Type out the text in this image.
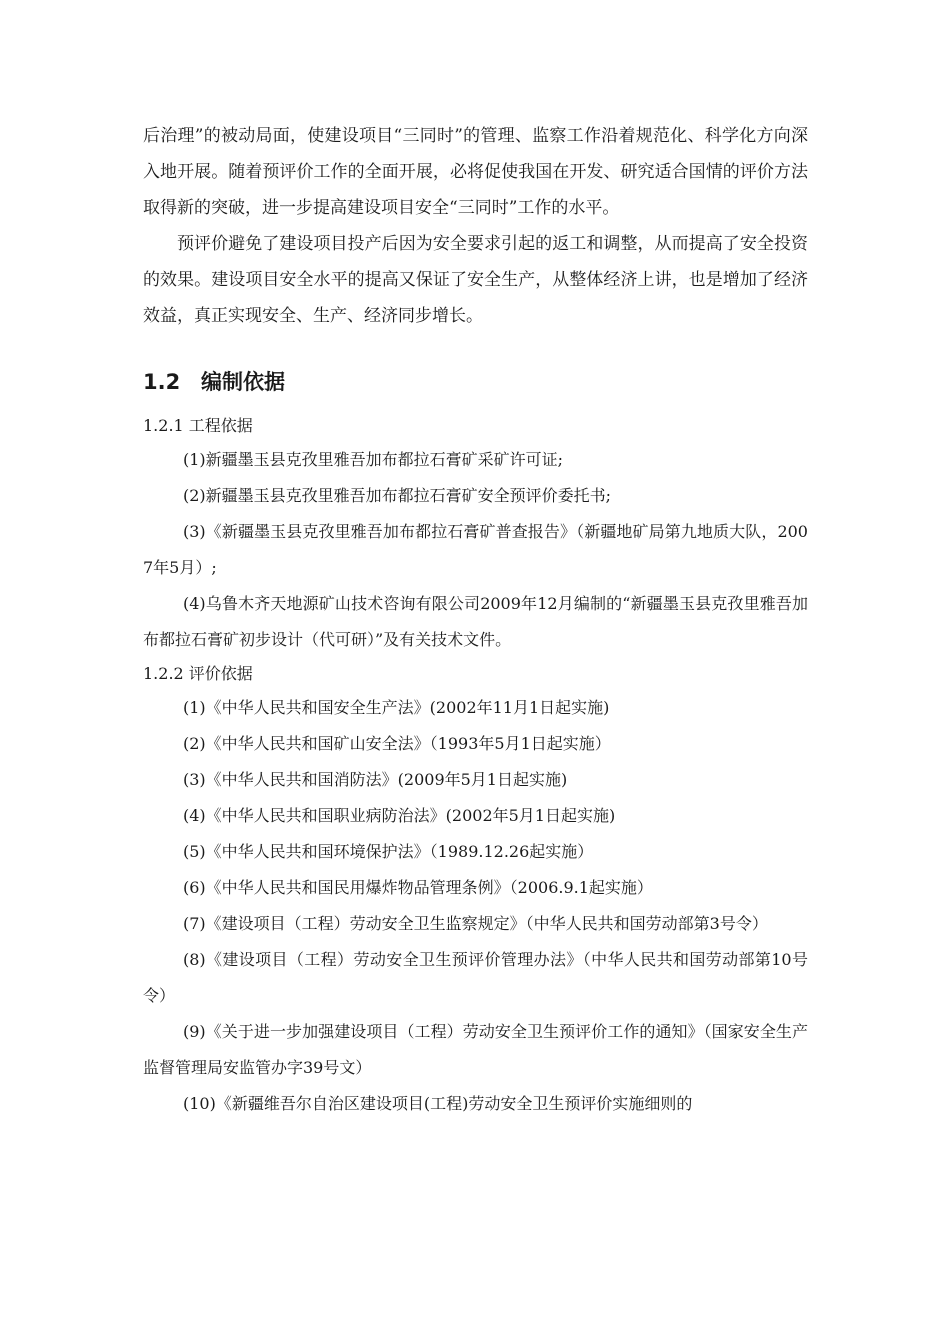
后治理”的被动局面，使建设项目“三同时”的管理、监察工作沿着规范化、科学化方向深入地开展。随着预评价工作的全面开展，必将促使我国在开发、研究适合国情的评价方法取得新的突破，进一步提高建设项目安全“三同时”工作的水平。

预评价避免了建设项目投产后因为安全要求引起的返工和调整，从而提高了安全投资的效果。建设项目安全水平的提高又保证了安全生产，从整体经济上讲，也是增加了经济效益，真正实现安全、生产、经济同步增长。

1.2 编制依据

1.2.1 工程依据

(1)新疆墨玉县克孜里雅吾加布都拉石膏矿采矿许可证;

(2)新疆墨玉县克孜里雅吾加布都拉石膏矿安全预评价委托书;

(3)《新疆墨玉县克孜里雅吾加布都拉石膏矿普查报告》（新疆地矿局第九地质大队，2007年5月）;

(4)乌鲁木齐天地源矿山技术咨询有限公司2009年12月编制的“新疆墨玉县克孜里雅吾加布都拉石膏矿初步设计（代可研）”及有关技术文件。

1.2.2 评价依据

(1)《中华人民共和国安全生产法》(2002年11月1日起实施)

(2)《中华人民共和国矿山安全法》（1993年5月1日起实施）

(3)《中华人民共和国消防法》(2009年5月1日起实施)

(4)《中华人民共和国职业病防治法》(2002年5月1日起实施)

(5)《中华人民共和国环境保护法》（1989.12.26起实施）

(6)《中华人民共和国民用爆炸物品管理条例》（2006.9.1起实施）

(7)《建设项目（工程）劳动安全卫生监察规定》（中华人民共和国劳动部第3号令）

(8)《建设项目（工程）劳动安全卫生预评价管理办法》（中华人民共和国劳动部第10号令）

(9)《关于进一步加强建设项目（工程）劳动安全卫生预评价工作的通知》（国家安全生产监督管理局安监管办字39号文）

(10)《新疆维吾尔自治区建设项目(工程)劳动安全卫生预评价实施细则的
